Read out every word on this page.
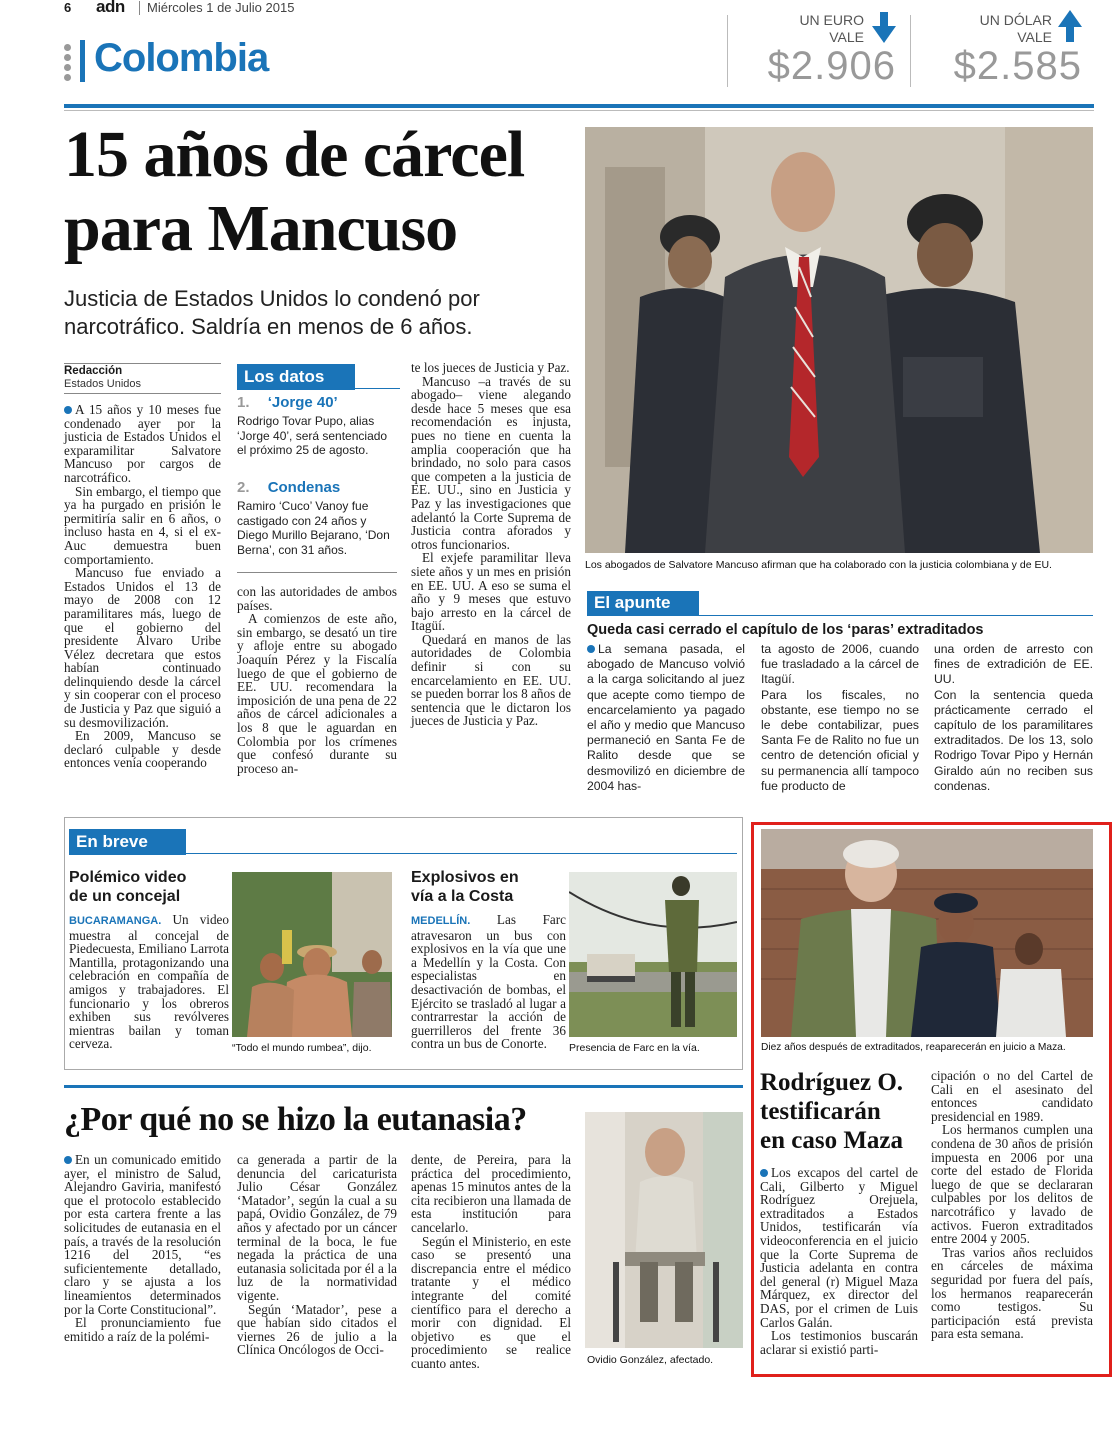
6 adn Miércoles 1 de Julio 2015
Colombia
UN EURO
VALE
$2.906
UN DÓLAR
VALE
$2.585
15 años de cárcel
para Mancuso
Justicia de Estados Unidos lo condenó por
narcotráfico. Saldría en menos de 6 años.
Los abogados de Salvatore Mancuso afirman que ha colaborado con la justicia colombiana y de EU.
Redacción
Estados Unidos

A 15 años y 10 meses fue condenado ayer por la justicia de Estados Unidos el exparamilitar Salvatore Mancuso por cargos de narcotráfico.

Sin embargo, el tiempo que ya ha purgado en prisión le permitiría salir en 6 años, o incluso hasta en 4, si el ex-Auc demuestra buen comportamiento.

Mancuso fue enviado a Estados Unidos el 13 de mayo de 2008 con 12 paramilitares más, luego de que el gobierno del presidente Álvaro Uribe Vélez decretara que estos habían continuado delinquiendo desde la cárcel y sin cooperar con el proceso de Justicia y Paz que siguió a su desmovilización.

En 2009, Mancuso se declaró culpable y desde entonces venía cooperando

Los datos
1. ‘Jorge 40’
Rodrigo Tovar Pupo, alias ‘Jorge 40’, será sentenciado el próximo 25 de agosto.
2. Condenas
Ramiro ‘Cuco’ Vanoy fue castigado con 24 años y Diego Murillo Bejarano, ‘Don Berna’, con 31 años.

con las autoridades de ambos países.

A comienzos de este año, sin embargo, se desató un tire y afloje entre su abogado Joaquín Pérez y la Fiscalía luego de que el gobierno de EE. UU. recomendara la imposición de una pena de 22 años de cárcel adicionales a los 8 que le aguardan en Colombia por los crímenes que confesó durante su proceso an-

te los jueces de Justicia y Paz.

Mancuso –a través de su abogado– viene alegando desde hace 5 meses que esa recomendación es injusta, pues no tiene en cuenta la amplia cooperación que ha brindado, no solo para casos que competen a la justicia de EE. UU., sino en Justicia y Paz y las investigaciones que adelantó la Corte Suprema de Justicia contra aforados y otros funcionarios.

El exjefe paramilitar lleva siete años y un mes en prisión en EE. UU. A eso se suma el año y 9 meses que estuvo bajo arresto en la cárcel de Itagüí.

Quedará en manos de las autoridades de Colombia definir si con su encarcelamiento en EE. UU. se pueden borrar los 8 años de sentencia que le dictaron los jueces de Justicia y Paz.

El apunte
Queda casi cerrado el capítulo de los ‘paras’ extraditados
La semana pasada, el abogado de Mancuso volvió a la carga solicitando al juez que acepte como tiempo de encarcelamiento ya pagado el año y medio que Mancuso permaneció en Santa Fe de Ralito desde que se desmovilizó en diciembre de 2004 has-
ta agosto de 2006, cuando fue trasladado a la cárcel de Itagüí.
Para los fiscales, no obstante, ese tiempo no se le debe contabilizar, pues Santa Fe de Ralito no fue un centro de detención oficial y su permanencia allí tampoco fue producto de
una orden de arresto con fines de extradición de EE. UU.
Con la sentencia queda prácticamente cerrado el capítulo de los paramilitares extraditados. De los 13, solo Rodrigo Tovar Pipo y Hernán Giraldo aún no reciben sus condenas.
En breve
Polémico video
de un concejal

BUCARAMANGA. Un video muestra al concejal de Piedecuesta, Emiliano Larrota Mantilla, protagonizando una celebración en compañía de amigos y trabajadores. El funcionario y los obreros exhiben sus revólveres mientras bailan y toman cerveza.	“Todo el mundo rumbea”, dijo.
Explosivos en
vía a la Costa

MEDELLÍN. Las Farc atravesaron un bus con explosivos en la vía que une a Medellín y la Costa. Con especialistas en desactivación de bombas, el Ejército se trasladó al lugar a contrarrestar la acción de guerrilleros del frente 36 contra un bus de Conorte.	Presencia de Farc en la vía.
¿Por qué no se hizo la eutanasia?

En un comunicado emitido ayer, el ministro de Salud, Alejandro Gaviria, manifestó que el protocolo establecido por esta cartera frente a las solicitudes de eutanasia en el país, a través de la resolución 1216 del 2015, “es suficientemente detallado, claro y se ajusta a los lineamientos determinados por la Corte Constitucional”.

El pronunciamiento fue emitido a raíz de la polémi-

ca generada a partir de la denuncia del caricaturista Julio César González ‘Matador’, según la cual a su papá, Ovidio González, de 79 años y afectado por un cáncer terminal de la boca, le fue negada la práctica de una eutanasia solicitada por él a la luz de la normatividad vigente.

Según ‘Matador’, pese a que habían sido citados el viernes 26 de julio a la Clínica Oncólogos de Occi-

dente, de Pereira, para la práctica del procedimiento, apenas 15 minutos antes de la cita recibieron una llamada de esta institución para cancelarlo.

Según el Ministerio, en este caso se presentó una discrepancia entre el médico tratante y el médico integrante del comité científico para el derecho a morir con dignidad. El objetivo es que el procedimiento se realice cuanto antes.	Ovidio González, afectado.
Diez años después de extraditados, reaparecerán en juicio a Maza.
Rodríguez O.
testificarán
en caso Maza

Los excapos del cartel de Cali, Gilberto y Miguel Rodríguez Orejuela, extraditados a Estados Unidos, testificarán vía videoconferencia en el juicio que la Corte Suprema de Justicia adelanta en contra del general (r) Miguel Maza Márquez, ex director del DAS, por el crimen de Luis Carlos Galán.

Los testimonios buscarán aclarar si existió parti-

cipación o no del Cartel de Cali en el asesinato del entonces candidato presidencial en 1989.

Los hermanos cumplen una condena de 30 años de prisión impuesta en 2006 por una corte del estado de Florida luego de que se declararan culpables por los delitos de narcotráfico y lavado de activos. Fueron extraditados entre 2004 y 2005.

Tras varios años recluidos en cárceles de máxima seguridad por fuera del país, los hermanos reaparecerán como testigos. Su participación está prevista para esta semana.
